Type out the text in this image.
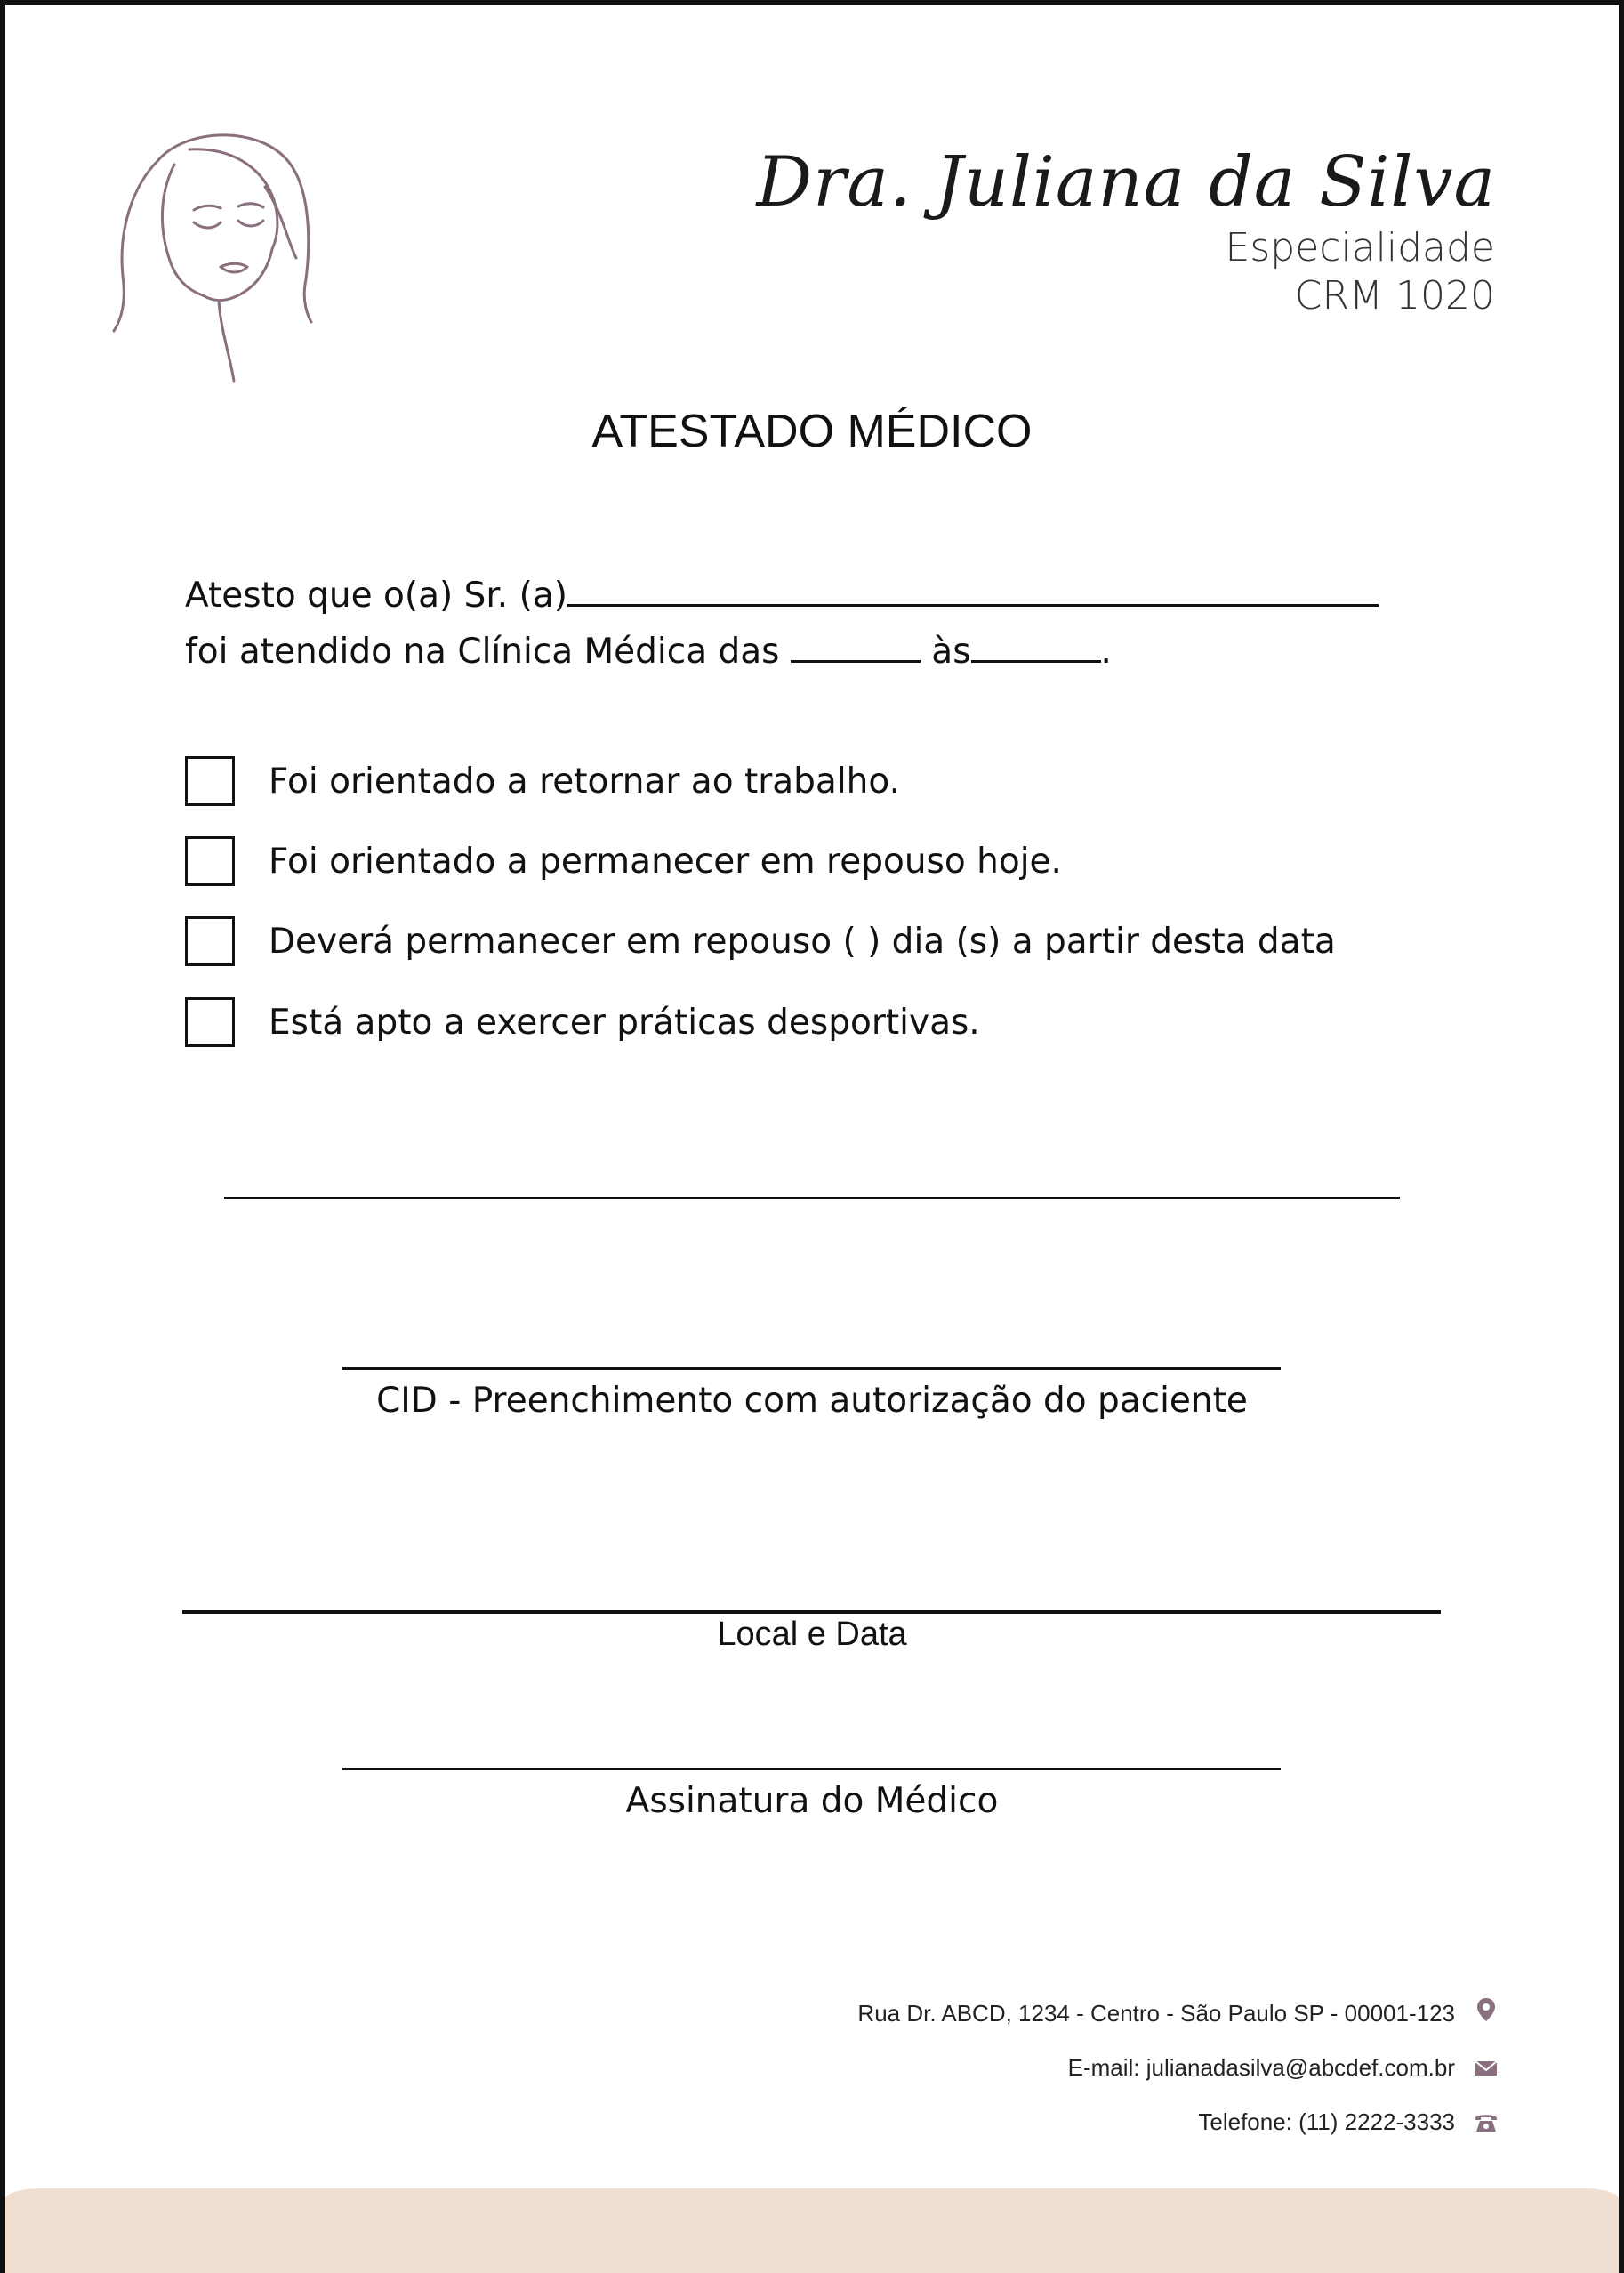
Dra. Juliana da Silva
Especialidade
CRM 1020
ATESTADO MÉDICO
Atesto que o(a) Sr. (a)
foi atendido na Clínica Médica das	às	.
Foi orientado a retornar ao trabalho.
Foi orientado a permanecer em repouso hoje.
Deverá permanecer em repouso ( ) dia (s) a partir desta data
Está apto a exercer práticas desportivas.
CID - Preenchimento com autorização do paciente
Local e Data
Assinatura do Médico
Rua Dr. ABCD, 1234 - Centro - São Paulo SP - 00001-123
E-mail: julianadasilva@abcdef.com.br
Telefone: (11) 2222-3333
